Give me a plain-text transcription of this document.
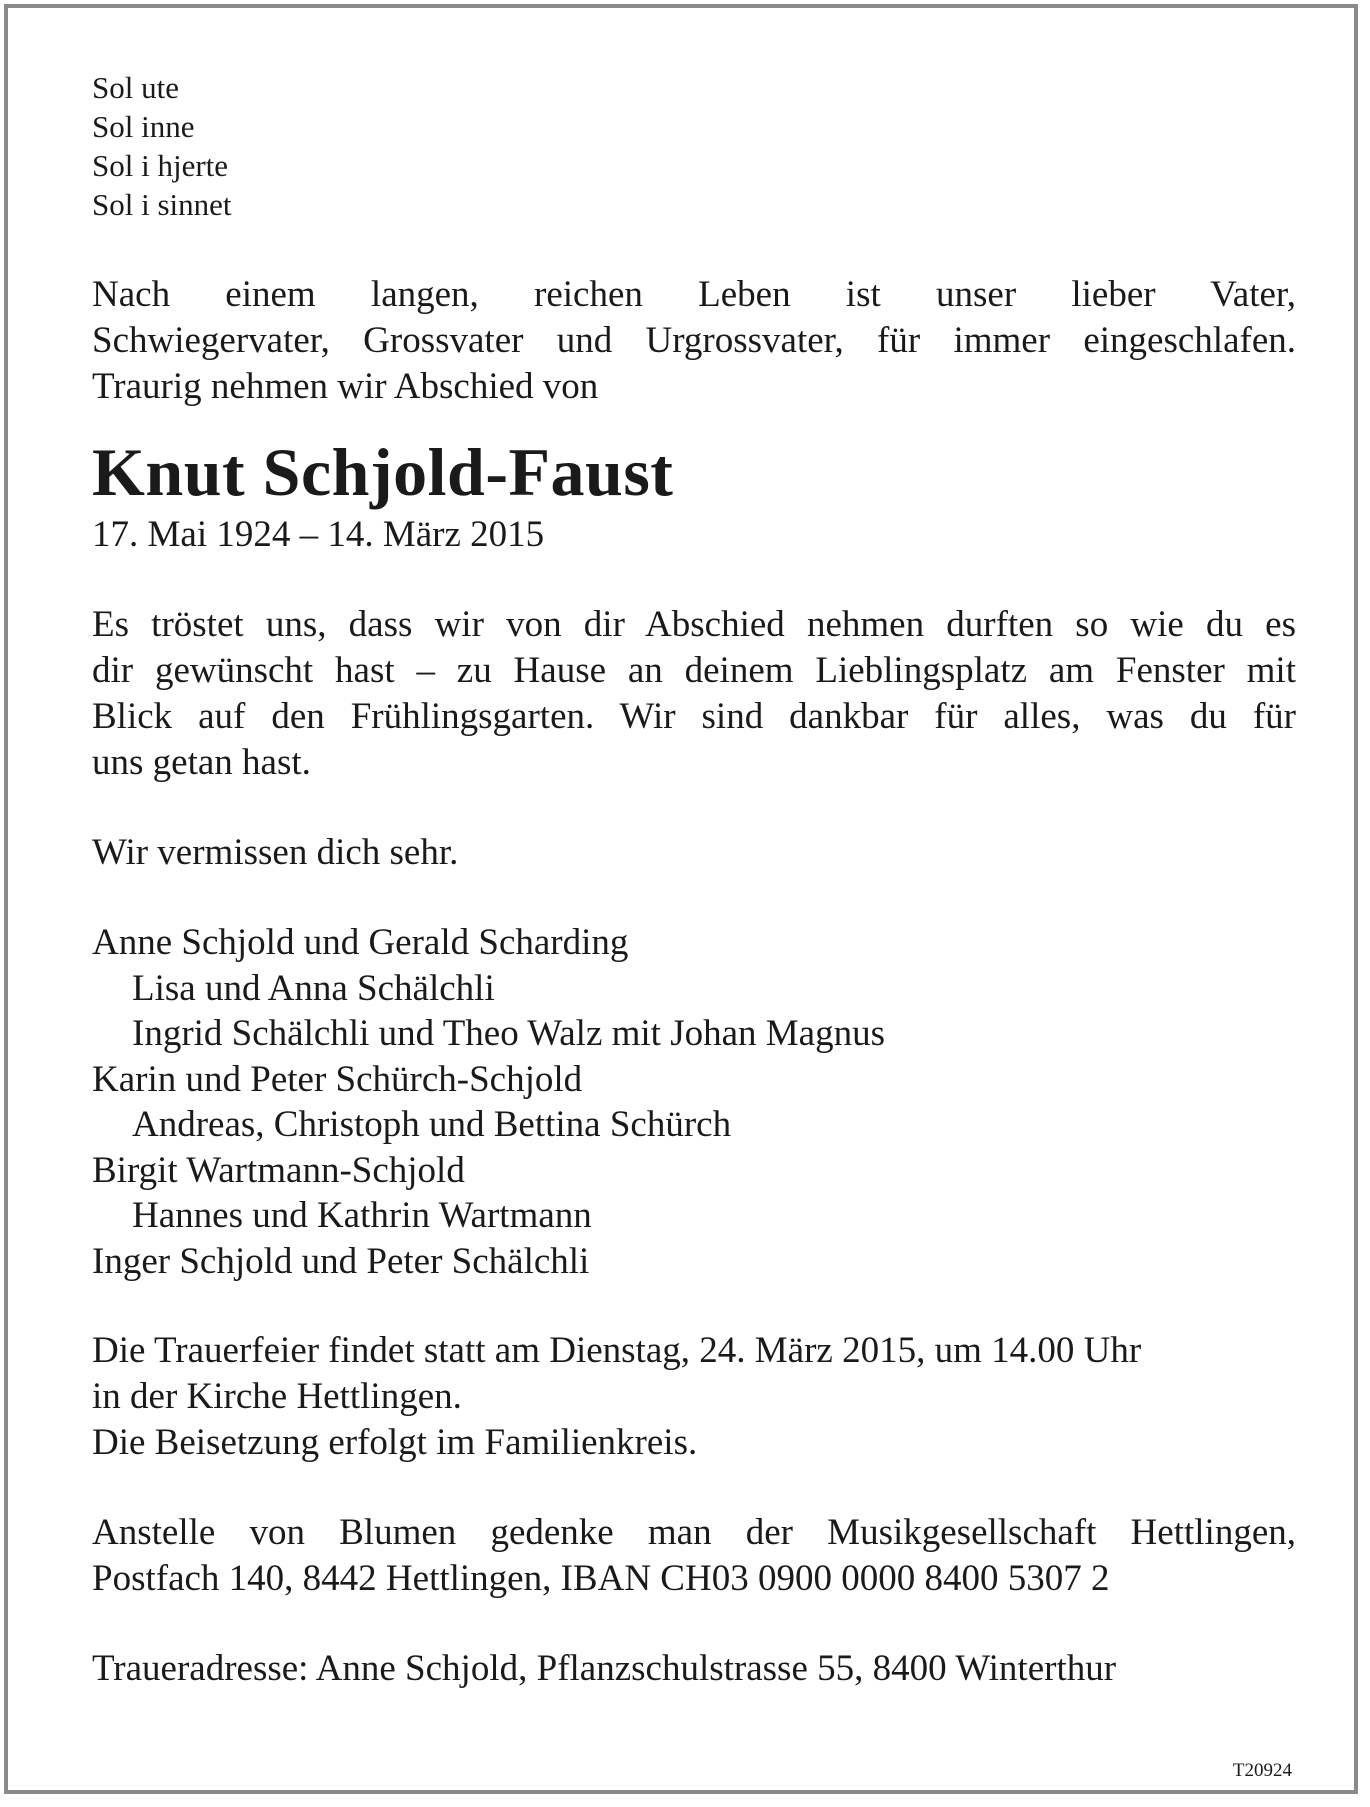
Sol ute
Sol inne
Sol i hjerte
Sol i sinnet
Nach einem langen, reichen Leben ist unser lieber Vater,
Schwiegervater, Grossvater und Urgrossvater, für immer eingeschlafen.
Traurig nehmen wir Abschied von
Knut Schjold-Faust
17. Mai 1924 – 14. März 2015
Es tröstet uns, dass wir von dir Abschied nehmen durften so wie du es
dir gewünscht hast – zu Hause an deinem Lieblingsplatz am Fenster mit
Blick auf den Frühlingsgarten. Wir sind dankbar für alles, was du für
uns getan hast.
Wir vermissen dich sehr.
Anne Schjold und Gerald Scharding
Lisa und Anna Schälchli
Ingrid Schälchli und Theo Walz mit Johan Magnus
Karin und Peter Schürch-Schjold
Andreas, Christoph und Bettina Schürch
Birgit Wartmann-Schjold
Hannes und Kathrin Wartmann
Inger Schjold und Peter Schälchli
Die Trauerfeier findet statt am Dienstag, 24. März 2015, um 14.00 Uhr
in der Kirche Hettlingen.
Die Beisetzung erfolgt im Familienkreis.
Anstelle von Blumen gedenke man der Musikgesellschaft Hettlingen,
Postfach 140, 8442 Hettlingen, IBAN CH03 0900 0000 8400 5307 2
Traueradresse: Anne Schjold, Pflanzschulstrasse 55, 8400 Winterthur
T20924
